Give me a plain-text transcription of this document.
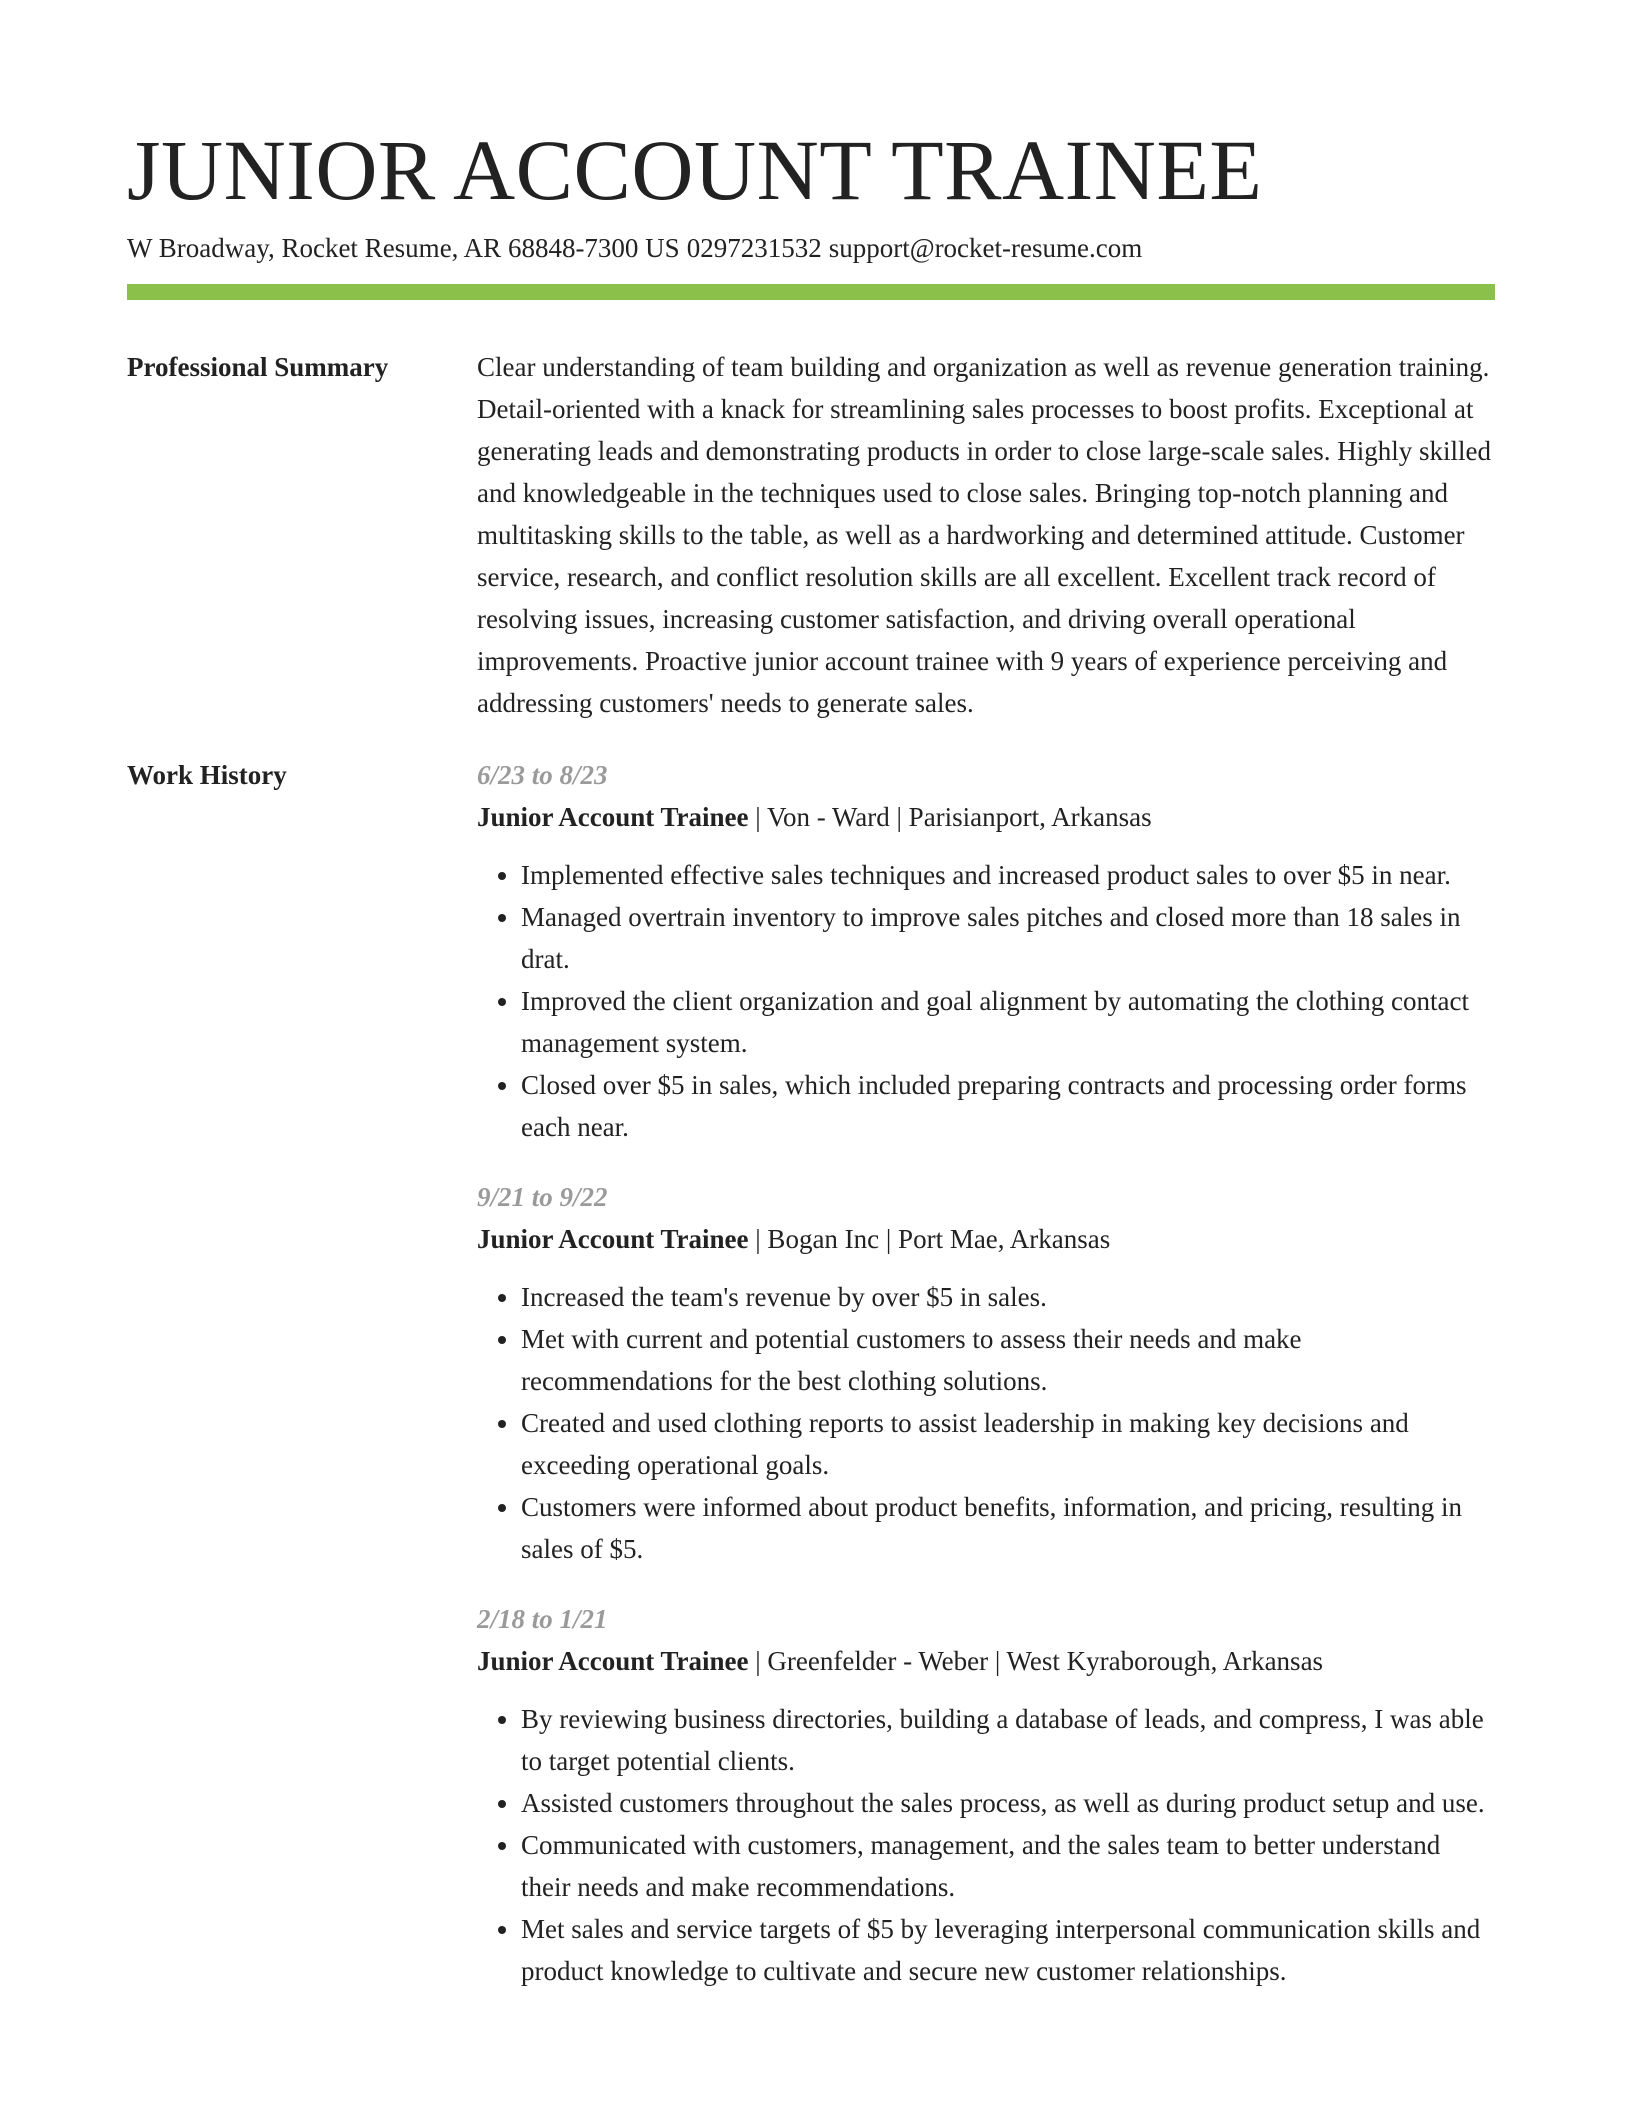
JUNIOR ACCOUNT TRAINEE
W Broadway, Rocket Resume, AR 68848-7300 US 0297231532 support@rocket-resume.com
Professional Summary	Clear understanding of team building and organization as well as revenue generation training. Detail-oriented with a knack for streamlining sales processes to boost profits. Exceptional at generating leads and demonstrating products in order to close large-scale sales. Highly skilled and knowledgeable in the techniques used to close sales. Bringing top-notch planning and multitasking skills to the table, as well as a hardworking and determined attitude. Customer service, research, and conflict resolution skills are all excellent. Excellent track record of resolving issues, increasing customer satisfaction, and driving overall operational improvements. Proactive junior account trainee with 9 years of experience perceiving and addressing customers' needs to generate sales.

Work History	6/23 to 8/23
Junior Account Trainee | Von - Ward | Parisianport, Arkansas
• Implemented effective sales techniques and increased product sales to over $5 in near.
• Managed overtrain inventory to improve sales pitches and closed more than 18 sales in drat.
• Improved the client organization and goal alignment by automating the clothing contact management system.
• Closed over $5 in sales, which included preparing contracts and processing order forms each near.
9/21 to 9/22
Junior Account Trainee | Bogan Inc | Port Mae, Arkansas
• Increased the team's revenue by over $5 in sales.
• Met with current and potential customers to assess their needs and make recommendations for the best clothing solutions.
• Created and used clothing reports to assist leadership in making key decisions and exceeding operational goals.
• Customers were informed about product benefits, information, and pricing, resulting in sales of $5.
2/18 to 1/21
Junior Account Trainee | Greenfelder - Weber | West Kyraborough, Arkansas
• By reviewing business directories, building a database of leads, and compress, I was able to target potential clients.
• Assisted customers throughout the sales process, as well as during product setup and use.
• Communicated with customers, management, and the sales team to better understand their needs and make recommendations.
• Met sales and service targets of $5 by leveraging interpersonal communication skills and product knowledge to cultivate and secure new customer relationships.
